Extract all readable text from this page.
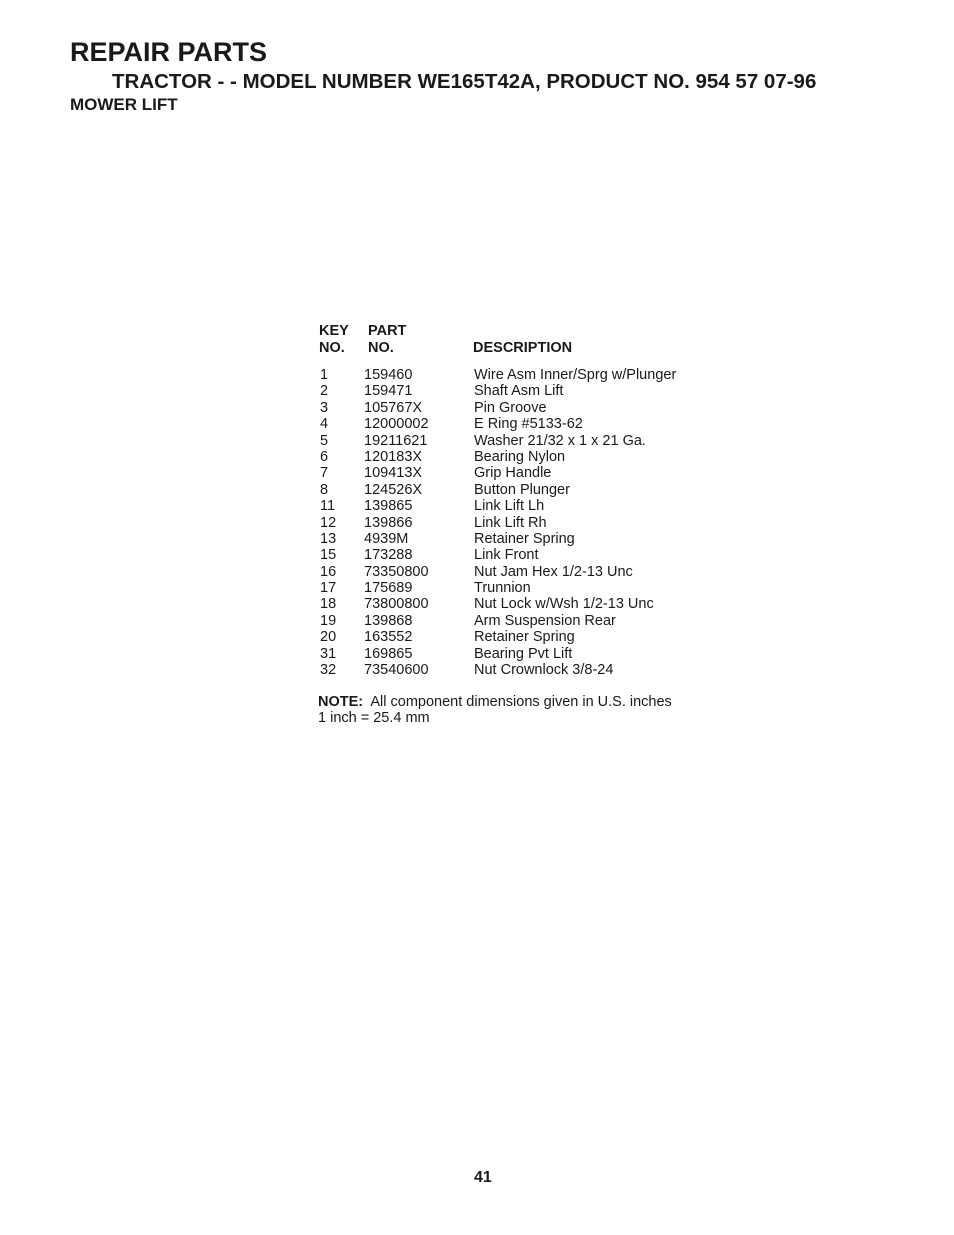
REPAIR PARTS
TRACTOR - - MODEL NUMBER WE165T42A, PRODUCT NO. 954 57 07-96
MOWER LIFT
KEY
NO.
PART
NO.	DESCRIPTION
1 159460	Wire Asm Inner/Sprg w/Plunger
2 159471	Shaft Asm Lift
3 105767X	Pin Groove
4 12000002	E Ring #5133-62
5 19211621	Washer 21/32 x 1 x 21 Ga.
6 120183X	Bearing Nylon
7 109413X	Grip Handle
8 124526X	Button Plunger
11 139865	Link Lift Lh
12 139866	Link Lift Rh
13 4939M	Retainer Spring
15 173288	Link Front
16 73350800	Nut Jam Hex 1/2-13 Unc
17 175689	Trunnion
18 73800800	Nut Lock w/Wsh 1/2-13 Unc
19 139868	Arm Suspension Rear
20 163552	Retainer Spring
31 169865	Bearing Pvt Lift
32 73540600	Nut Crownlock 3/8-24
NOTE: All component dimensions given in U.S. inches
1 inch = 25.4 mm
41
